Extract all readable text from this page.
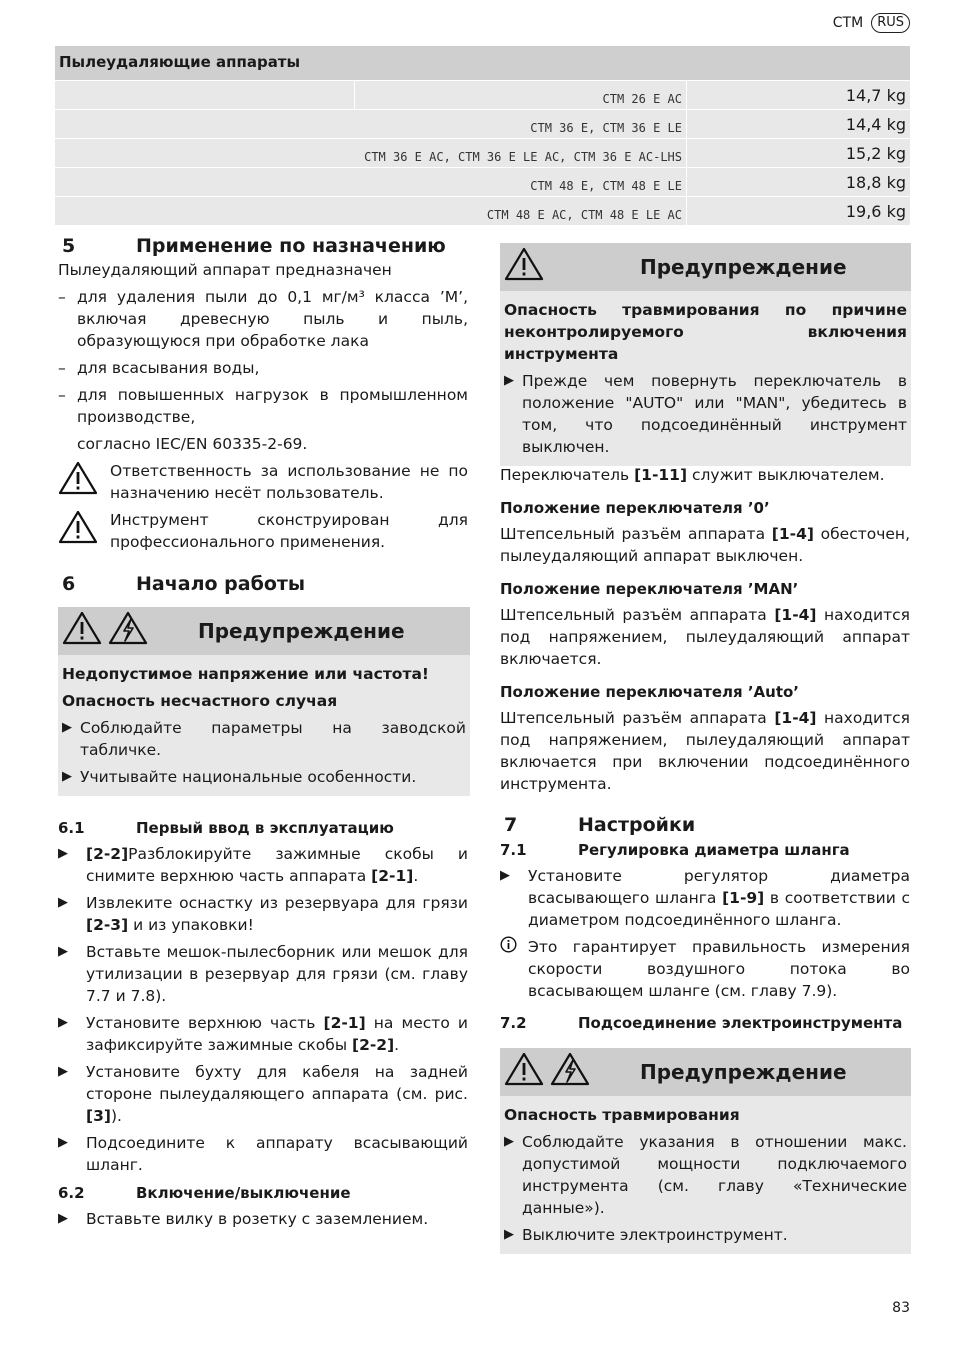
CTM	RUS
Пылеудаляющие аппараты
CTM 26 E AC	14,7 kg
CTM 36 E, CTM 36 E LE	14,4 kg
CTM 36 E AC, CTM 36 E LE AC, CTM 36 E AC-LHS	15,2 kg
CTM 48 E, CTM 48 E LE	18,8 kg
CTM 48 E AC, CTM 48 E LE AC	19,6 kg
5	Применение по назначению
Пылеудаляющий аппарат предназначен
– для удаления пыли до 0,1 мг/м³ класса ’M’, включая древесную пыль и пыль, образующуюся при обработке лака
– для всасывания воды,
– для повышенных нагрузок в промышленном производстве,
согласно IEC/EN 60335-2-69.
Ответственность за использование не по назначению несёт пользователь.
Инструмент сконструирован для профессионального применения.
6	Начало работы
Предупреждение
Недопустимое напряжение или частота!
Опасность несчастного случая
▶ Соблюдайте параметры на заводской табличке.
▶ Учитывайте национальные особенности.
6.1	Первый ввод в эксплуатацию
▶	[2-2]Разблокируйте зажимные скобы и снимите верхнюю часть аппарата [2-1].
▶	Извлеките оснастку из резервуара для грязи [2-3] и из упаковки!
▶	Вставьте мешок-пылесборник или мешок для утилизации в резервуар для грязи (см. главу 7.7 и 7.8).
▶	Установите верхнюю часть [2-1] на место и зафиксируйте зажимные скобы [2-2].
▶	Установите бухту для кабеля на задней стороне пылеудаляющего аппарата (см. рис. [3]).
▶	Подсоедините к аппарату всасывающий шланг.
6.2	Включение/выключение
▶	Вставьте вилку в розетку с заземлением.
Предупреждение
Опасность травмирования по причине неконтролируемого включения инструмента
▶ Прежде чем повернуть переключатель в положение "AUTO" или "MAN", убедитесь в том, что подсоединённый инструмент выключен.
Переключатель [1-11] служит выключателем.
Положение переключателя ’0’
Штепсельный разъём аппарата [1-4] обесточен, пылеудаляющий аппарат выключен.
Положение переключателя ’MAN’
Штепсельный разъём аппарата [1-4] находится под напряжением, пылеудаляющий аппарат включается.
Положение переключателя ’Auto’
Штепсельный разъём аппарата [1-4] находится под напряжением, пылеудаляющий аппарат включается при включении подсоединённого инструмента.
7	Настройки
7.1	Регулировка диаметра шланга
▶	Установите регулятор диаметра всасывающего шланга [1-9] в соответствии с диаметром подсоединённого шланга.
Это гарантирует правильность измерения скорости воздушного потока во всасывающем шланге (см. главу 7.9).
7.2	Подсоединение электроинструмента
Предупреждение
Опасность травмирования
▶ Соблюдайте указания в отношении макс. допустимой мощности подключаемого инструмента (см. главу «Технические данные»).
▶ Выключите электроинструмент.
83
